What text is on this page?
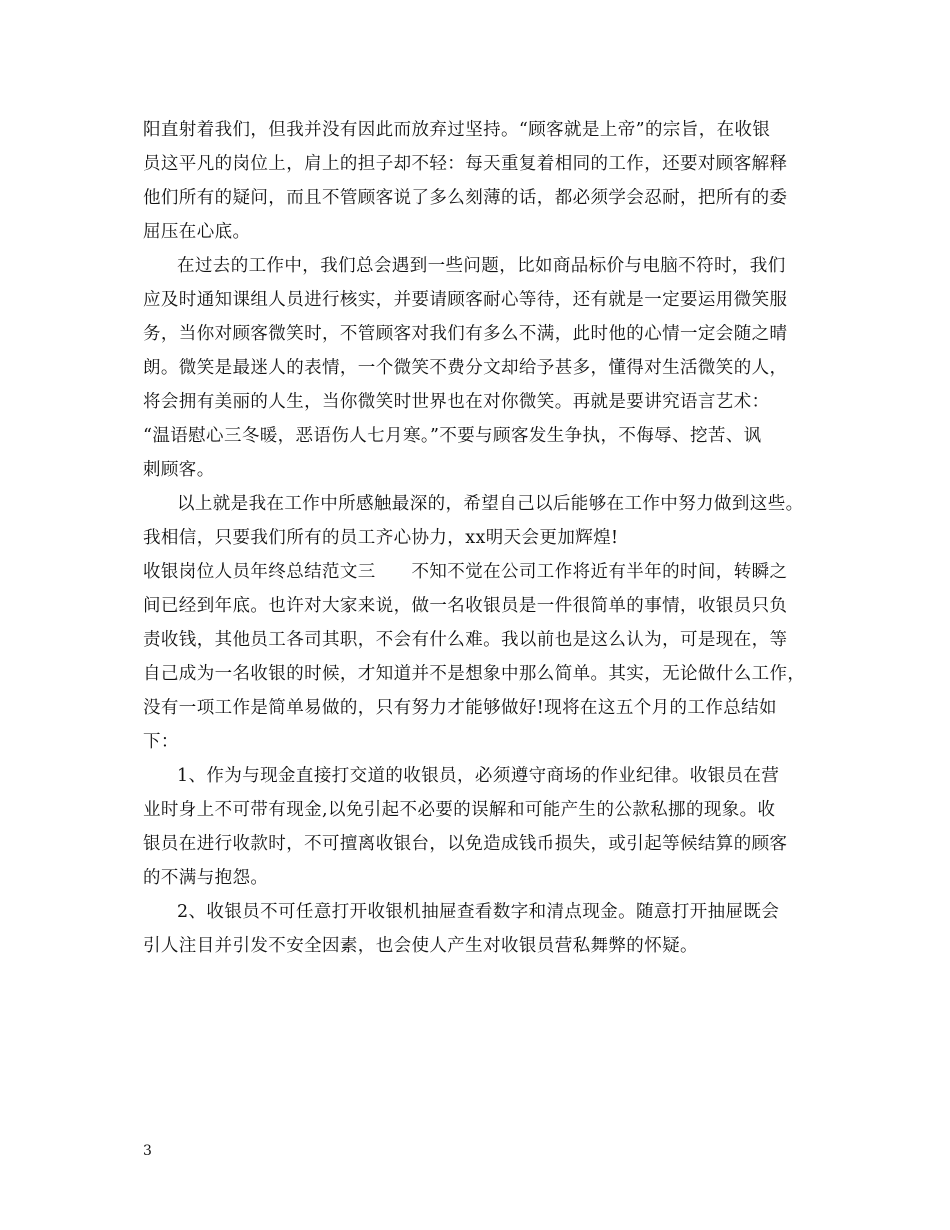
阳直射着我们，但我并没有因此而放弃过坚持。“顾客就是上帝”的宗旨，在收银
员这平凡的岗位上，肩上的担子却不轻：每天重复着相同的工作，还要对顾客解释
他们所有的疑问，而且不管顾客说了多么刻薄的话，都必须学会忍耐，把所有的委
屈压在心底。
在过去的工作中，我们总会遇到一些问题，比如商品标价与电脑不符时，我们
应及时通知课组人员进行核实，并要请顾客耐心等待，还有就是一定要运用微笑服
务，当你对顾客微笑时，不管顾客对我们有多么不满，此时他的心情一定会随之晴
朗。微笑是最迷人的表情，一个微笑不费分文却给予甚多，懂得对生活微笑的人，
将会拥有美丽的人生，当你微笑时世界也在对你微笑。再就是要讲究语言艺术：
“温语慰心三冬暖，恶语伤人七月寒。”不要与顾客发生争执，不侮辱、挖苦、讽
刺顾客。
以上就是我在工作中所感触最深的，希望自己以后能够在工作中努力做到这些。
我相信，只要我们所有的员工齐心协力，xx明天会更加辉煌!
收银岗位人员年终总结范文三　　不知不觉在公司工作将近有半年的时间，转瞬之
间已经到年底。也许对大家来说，做一名收银员是一件很简单的事情，收银员只负
责收钱，其他员工各司其职，不会有什么难。我以前也是这么认为，可是现在，等
自己成为一名收银的时候，才知道并不是想象中那么简单。其实，无论做什么工作，
没有一项工作是简单易做的，只有努力才能够做好!现将在这五个月的工作总结如
下：
1、作为与现金直接打交道的收银员，必须遵守商场的作业纪律。收银员在营
业时身上不可带有现金,以免引起不必要的误解和可能产生的公款私挪的现象。收
银员在进行收款时，不可擅离收银台，以免造成钱币损失，或引起等候结算的顾客
的不满与抱怨。
2、收银员不可任意打开收银机抽屉查看数字和清点现金。随意打开抽屉既会
引人注目并引发不安全因素，也会使人产生对收银员营私舞弊的怀疑。
3
